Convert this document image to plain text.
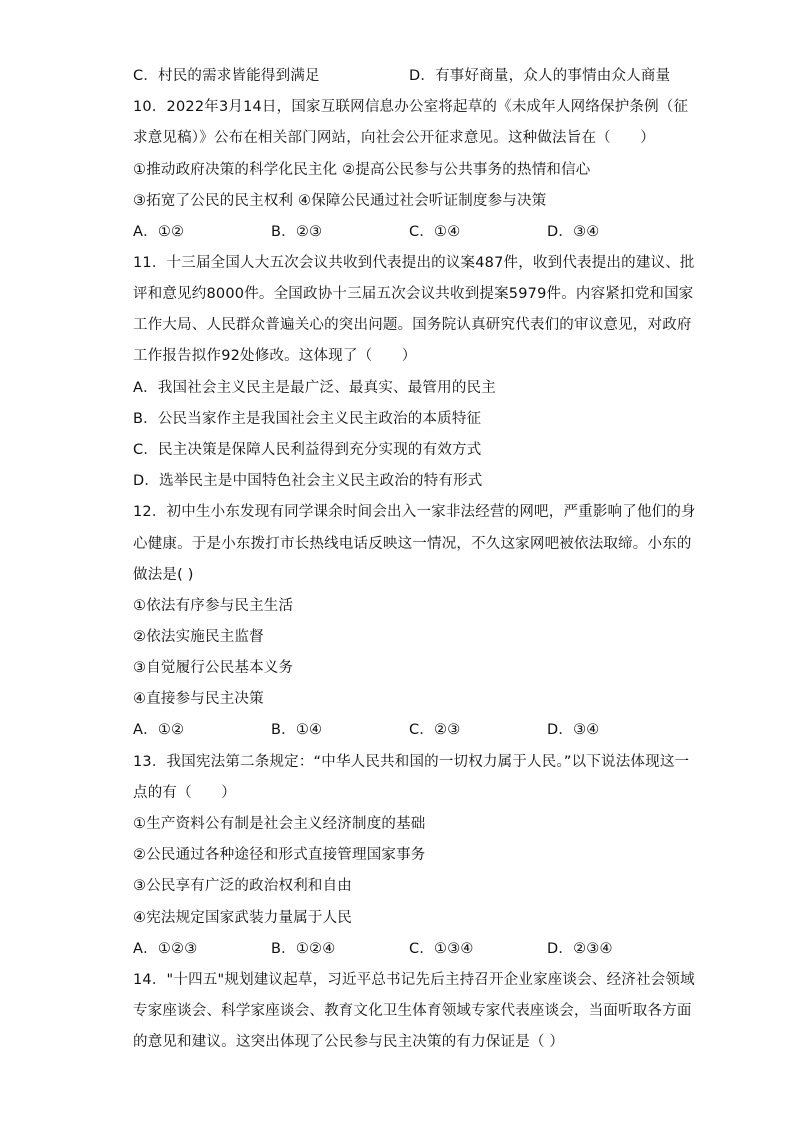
C．村民的需求皆能得到满足	D．有事好商量，众人的事情由众人商量
10．2022年3月14日，国家互联网信息办公室将起草的《未成年人网络保护条例（征
求意见稿）》公布在相关部门网站，向社会公开征求意见。这种做法旨在（　　）
①推动政府决策的科学化民主化 ②提高公民参与公共事务的热情和信心
③拓宽了公民的民主权利 ④保障公民通过社会听证制度参与决策
A．①②	B．②③	C．①④	D．③④
11．十三届全国人大五次会议共收到代表提出的议案487件，收到代表提出的建议、批
评和意见约8000件。全国政协十三届五次会议共收到提案5979件。内容紧扣党和国家
工作大局、人民群众普遍关心的突出问题。国务院认真研究代表们的审议意见，对政府
工作报告拟作92处修改。这体现了（　　）
A．我国社会主义民主是最广泛、最真实、最管用的民主
B．公民当家作主是我国社会主义民主政治的本质特征
C．民主决策是保障人民利益得到充分实现的有效方式
D．选举民主是中国特色社会主义民主政治的特有形式
12．初中生小东发现有同学课余时间会出入一家非法经营的网吧，严重影响了他们的身
心健康。于是小东拨打市长热线电话反映这一情况，不久这家网吧被依法取缔。小东的
做法是( )
①依法有序参与民主生活
②依法实施民主监督
③自觉履行公民基本义务
④直接参与民主决策
A．①②	B．①④	C．②③	D．③④
13．我国宪法第二条规定：“中华人民共和国的一切权力属于人民。”以下说法体现这一
点的有（　　）
①生产资料公有制是社会主义经济制度的基础
②公民通过各种途径和形式直接管理国家事务
③公民享有广泛的政治权利和自由
④宪法规定国家武装力量属于人民
A．①②③	B．①②④	C．①③④	D．②③④
14．"十四五"规划建议起草，习近平总书记先后主持召开企业家座谈会、经济社会领域
专家座谈会、科学家座谈会、教育文化卫生体育领域专家代表座谈会，当面听取各方面
的意见和建议。这突出体现了公民参与民主决策的有力保证是（ ）
